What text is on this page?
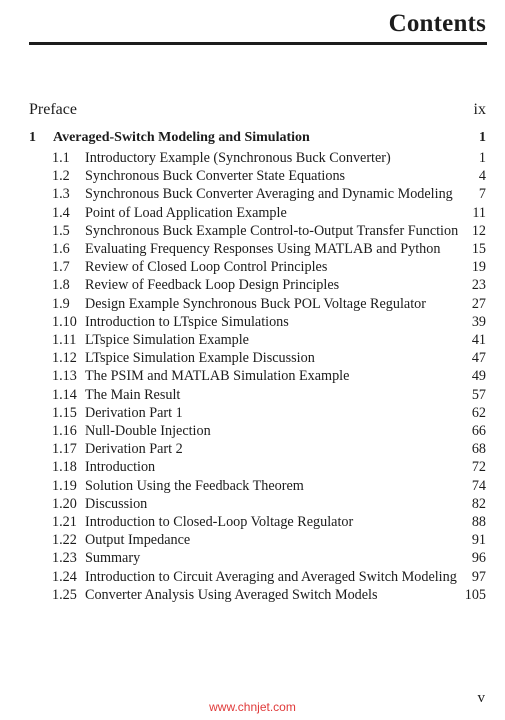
Contents
Preface	ix
1 Averaged-Switch Modeling and Simulation	1
1.1	Introductory Example (Synchronous Buck Converter)	1
1.2	Synchronous Buck Converter State Equations	4
1.3	Synchronous Buck Converter Averaging and Dynamic Modeling	7
1.4	Point of Load Application Example	11
1.5	Synchronous Buck Example Control-to-Output Transfer Function 12
1.6	Evaluating Frequency Responses Using MATLAB and Python	15
1.7	Review of Closed Loop Control Principles	19
1.8	Review of Feedback Loop Design Principles	23
1.9	Design Example Synchronous Buck POL Voltage Regulator	27
1.10 Introduction to LTspice Simulations	39
1.11 LTspice Simulation Example	41
1.12 LTspice Simulation Example Discussion	47
1.13 The PSIM and MATLAB Simulation Example	49
1.14 The Main Result	57
1.15 Derivation Part 1	62
1.16 Null-Double Injection	66
1.17 Derivation Part 2	68
1.18 Introduction	72
1.19 Solution Using the Feedback Theorem	74
1.20 Discussion	82
1.21 Introduction to Closed-Loop Voltage Regulator	88
1.22 Output Impedance	91
1.23 Summary	96
1.24 Introduction to Circuit Averaging and Averaged Switch Modeling	97
1.25 Converter Analysis Using Averaged Switch Models	105
v
www.chnjet.com
